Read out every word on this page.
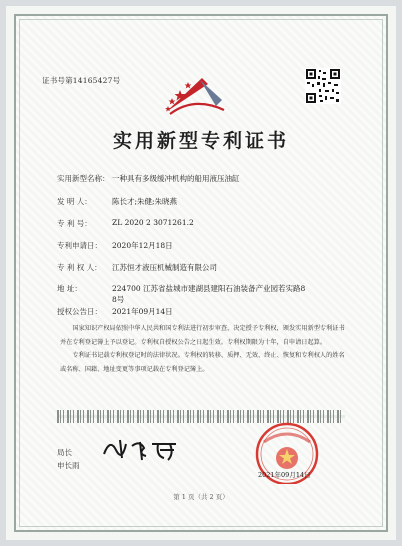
证书号第14165427号
实用新型专利证书
实用新型名称： 一种具有多级缓冲机构的船用液压油缸
发 明 人：	陈长才;朱健;朱晓燕
专 利 号：	ZL 2020 2 3071261.2
专利申请日： 2020年12月18日
专 利 权 人： 江苏恒才液压机械制造有限公司
地 址：	224700 江苏省盐城市建湖县建阳石油装备产业园若实路8
8号
授权公告日： 2021年09月14日

国家知识产权局依照中华人民共和国专利法进行初步审查，决定授予专利权，颁发实用新型专利证书并在专利登记簿上予以登记。专利权自授权公告之日起生效。专利权期限为十年，自申请日起算。

专利证书记载专利权登记时的法律状况。专利权的转移、质押、无效、终止、恢复和专利权人的姓名或名称、国籍、地址变更等事项记载在专利登记簿上。

局长
申长雨
2021年09月14日
第 1 页（共 2 页）
